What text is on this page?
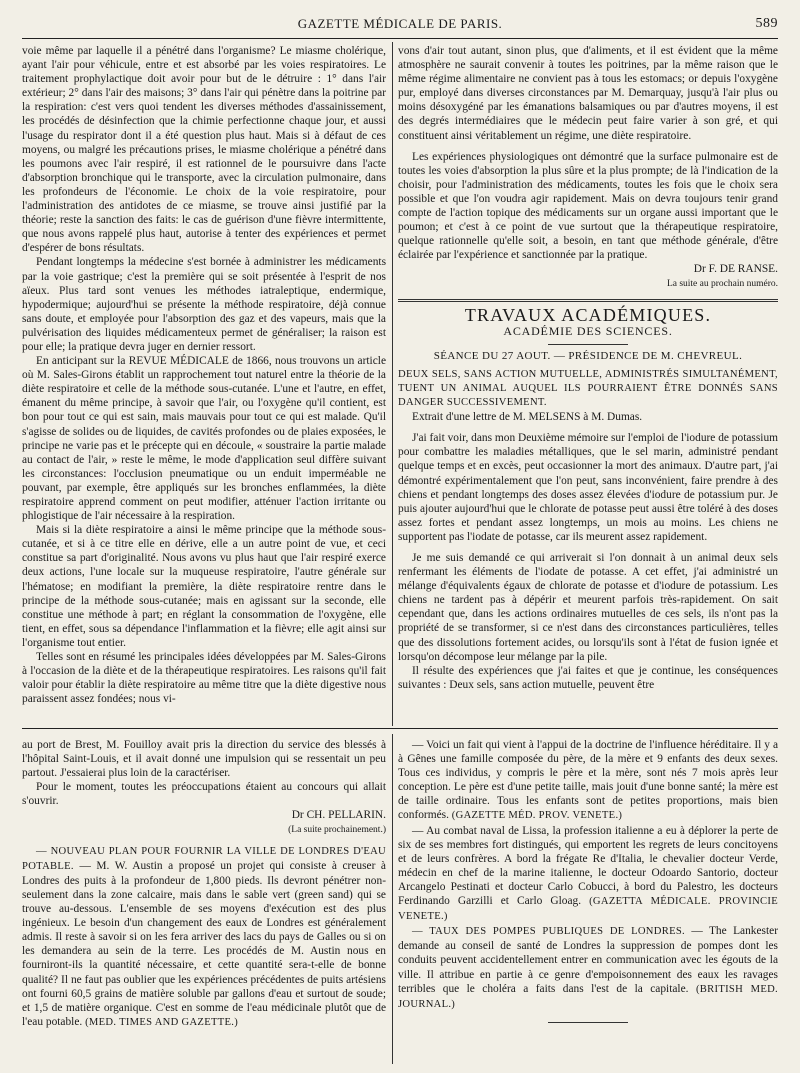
GAZETTE MÉDICALE DE PARIS.	589

voie même par laquelle il a pénétré dans l'organisme? Le miasme cholérique, ayant l'air pour véhicule, entre et est absorbé par les voies respiratoires. Le traitement prophylactique doit avoir pour but de le détruire : 1° dans l'air extérieur; 2° dans l'air des maisons; 3° dans l'air qui pénètre dans la poitrine par la respiration: c'est vers quoi tendent les diverses méthodes d'assainissement, les procédés de désinfection que la chimie perfectionne chaque jour, et aussi l'usage du respirator dont il a été question plus haut. Mais si à défaut de ces moyens, ou malgré les précautions prises, le miasme cholérique a pénétré dans les poumons avec l'air respiré, il est rationnel de le poursuivre dans l'acte d'absorption bronchique qui le transporte, avec la circulation pulmonaire, dans les profondeurs de l'économie. Le choix de la voie respiratoire, pour l'administration des antidotes de ce miasme, se trouve ainsi justifié par la théorie; reste la sanction des faits: le cas de guérison d'une fièvre intermittente, que nous avons rappelé plus haut, autorise à tenter des expériences et permet d'espérer de bons résultats.

Pendant longtemps la médecine s'est bornée à administrer les médicaments par la voie gastrique; c'est la première qui se soit présentée à l'esprit de nos aïeux. Plus tard sont venues les méthodes iatraleptique, endermique, hypodermique; aujourd'hui se présente la méthode respiratoire, déjà connue sans doute, et employée pour l'absorption des gaz et des vapeurs, mais que la pulvérisation des liquides médicamenteux permet de généraliser; la raison est pour elle; la pratique devra juger en dernier ressort.

En anticipant sur la REVUE MÉDICALE de 1866, nous trouvons un article où M. Sales-Girons établit un rapprochement tout naturel entre la théorie de la diète respiratoire et celle de la méthode sous-cutanée. L'une et l'autre, en effet, émanent du même principe, à savoir que l'air, ou l'oxygène qu'il contient, est bon pour tout ce qui est sain, mais mauvais pour tout ce qui est malade. Qu'il s'agisse de solides ou de liquides, de cavités profondes ou de plaies exposées, le principe ne varie pas et le précepte qui en découle, « soustraire la partie malade au contact de l'air, » reste le même, le mode d'application seul diffère suivant les circonstances: l'occlusion pneumatique ou un enduit imperméable ne pouvant, par exemple, être appliqués sur les bronches enflammées, la diète respiratoire apprend comment on peut modifier, atténuer l'action irritante ou phlogistique de l'air nécessaire à la respiration.

Mais si la diète respiratoire a ainsi le même principe que la méthode sous-cutanée, et si à ce titre elle en dérive, elle a un autre point de vue, et ceci constitue sa part d'originalité. Nous avons vu plus haut que l'air respiré exerce deux actions, l'une locale sur la muqueuse respiratoire, l'autre générale sur l'hématose; en modifiant la première, la diète respiratoire rentre dans le principe de la méthode sous-cutanée; mais en agissant sur la seconde, elle constitue une méthode à part; en réglant la consommation de l'oxygène, elle tient, en effet, sous sa dépendance l'inflammation et la fièvre; elle agit ainsi sur l'organisme tout entier.

Telles sont en résumé les principales idées développées par M. Sales-Girons à l'occasion de la diète et de la thérapeutique respiratoires. Les raisons qu'il fait valoir pour établir la diète respiratoire au même titre que la diète digestive nous paraissent assez fondées; nous vi-

vons d'air tout autant, sinon plus, que d'aliments, et il est évident que la même atmosphère ne saurait convenir à toutes les poitrines, par la même raison que le même régime alimentaire ne convient pas à tous les estomacs; or depuis l'oxygène pur, employé dans diverses circonstances par M. Demarquay, jusqu'à l'air plus ou moins désoxygéné par les émanations balsamiques ou par d'autres moyens, il est des degrés intermédiaires que le médecin peut faire varier à son gré, et qui constituent ainsi véritablement un régime, une diète respiratoire.

Les expériences physiologiques ont démontré que la surface pulmonaire est de toutes les voies d'absorption la plus sûre et la plus prompte; de là l'indication de la choisir, pour l'administration des médicaments, toutes les fois que le choix sera possible et que l'on voudra agir rapidement. Mais on devra toujours tenir grand compte de l'action topique des médicaments sur un organe aussi important que le poumon; et c'est à ce point de vue surtout que la thérapeutique respiratoire, quelque rationnelle qu'elle soit, a besoin, en tant que méthode générale, d'être éclairée par l'expérience et sanctionnée par la pratique.

Dr F. DE RANSE.

La suite au prochain numéro.

TRAVAUX ACADÉMIQUES.
ACADÉMIE DES SCIENCES.
SÉANCE DU 27 AOUT. — PRÉSIDENCE DE M. CHEVREUL.

DEUX SELS, SANS ACTION MUTUELLE, ADMINISTRÉS SIMULTANÉMENT, TUENT UN ANIMAL AUQUEL ILS POURRAIENT ÊTRE DONNÉS SANS DANGER SUCCESSIVEMENT.

Extrait d'une lettre de M. MELSENS à M. Dumas.

J'ai fait voir, dans mon Deuxième mémoire sur l'emploi de l'iodure de potassium pour combattre les maladies métalliques, que le sel marin, administré pendant quelque temps et en excès, peut occasionner la mort des animaux. D'autre part, j'ai démontré expérimentalement que l'on peut, sans inconvénient, faire prendre à des chiens et pendant longtemps des doses assez élevées d'iodure de potassium pur. Je puis ajouter aujourd'hui que le chlorate de potasse peut aussi être toléré à des doses assez fortes et pendant assez longtemps, un mois au moins. Les chiens ne supportent pas l'iodate de potasse, car ils meurent assez rapidement.

Je me suis demandé ce qui arriverait si l'on donnait à un animal deux sels renfermant les éléments de l'iodate de potasse. A cet effet, j'ai administré un mélange d'équivalents égaux de chlorate de potasse et d'iodure de potassium. Les chiens ne tardent pas à dépérir et meurent parfois très-rapidement. On sait cependant que, dans les actions ordinaires mutuelles de ces sels, ils n'ont pas la propriété de se transformer, si ce n'est dans des circonstances particulières, telles que des dissolutions fortement acides, ou lorsqu'ils sont à l'état de fusion ignée et lorsqu'on décompose leur mélange par la pile.

Il résulte des expériences que j'ai faites et que je continue, les conséquences suivantes : Deux sels, sans action mutuelle, peuvent être

au port de Brest, M. Fouilloy avait pris la direction du service des blessés à l'hôpital Saint-Louis, et il avait donné une impulsion qui se ressentait un peu partout. J'essaierai plus loin de la caractériser.

Pour le moment, toutes les préoccupations étaient au concours qui allait s'ouvrir.

Dr CH. PELLARIN.

(La suite prochainement.)

— NOUVEAU PLAN POUR FOURNIR LA VILLE DE LONDRES D'EAU POTABLE. — M. W. Austin a proposé un projet qui consiste à creuser à Londres des puits à la profondeur de 1,800 pieds. Ils devront pénétrer non-seulement dans la zone calcaire, mais dans le sable vert (green sand) qui se trouve au-dessous. L'ensemble de ses moyens d'exécution est des plus ingénieux. Le besoin d'un changement des eaux de Londres est généralement admis. Il reste à savoir si on les fera arriver des lacs du pays de Galles ou si on les demandera au sein de la terre. Les procédés de M. Austin nous en fourniront-ils la quantité nécessaire, et cette quantité sera-t-elle de bonne qualité? Il ne faut pas oublier que les expériences précédentes de puits artésiens ont fourni 60,5 grains de matière soluble par gallons d'eau et surtout de soude; et 1,5 de matière organique. C'est en somme de l'eau médicinale plutôt que de l'eau potable. (MED. TIMES AND GAZETTE.)

— Voici un fait qui vient à l'appui de la doctrine de l'influence héréditaire. Il y a à Gênes une famille composée du père, de la mère et 9 enfants des deux sexes. Tous ces individus, y compris le père et la mère, sont nés 7 mois après leur conception. Le père est d'une petite taille, mais jouit d'une bonne santé; la mère est de taille ordinaire. Tous les enfants sont de petites proportions, mais bien conformés. (GAZETTE MÉD. PROV. VENETE.)

— Au combat naval de Lissa, la profession italienne a eu à déplorer la perte de six de ses membres fort distingués, qui emportent les regrets de leurs concitoyens et de leurs confrères. A bord la frégate Re d'Italia, le chevalier docteur Verde, médecin en chef de la marine italienne, le docteur Odoardo Santorio, docteur Arcangelo Pestinati et docteur Carlo Cobucci, à bord du Palestro, les docteurs Ferdinando Garzilli et Carlo Gloag. (GAZETTA MÉDICALE. PROVINCIE VENETE.)

— TAUX DES POMPES PUBLIQUES DE LONDRES. — The Lankester demande au conseil de santé de Londres la suppression de pompes dont les conduits peuvent accidentellement entrer en communication avec les égouts de la ville. Il attribue en partie à ce genre d'empoisonnement des eaux les ravages terribles que le choléra a faits dans l'est de la capitale. (BRITISH MED. JOURNAL.)
